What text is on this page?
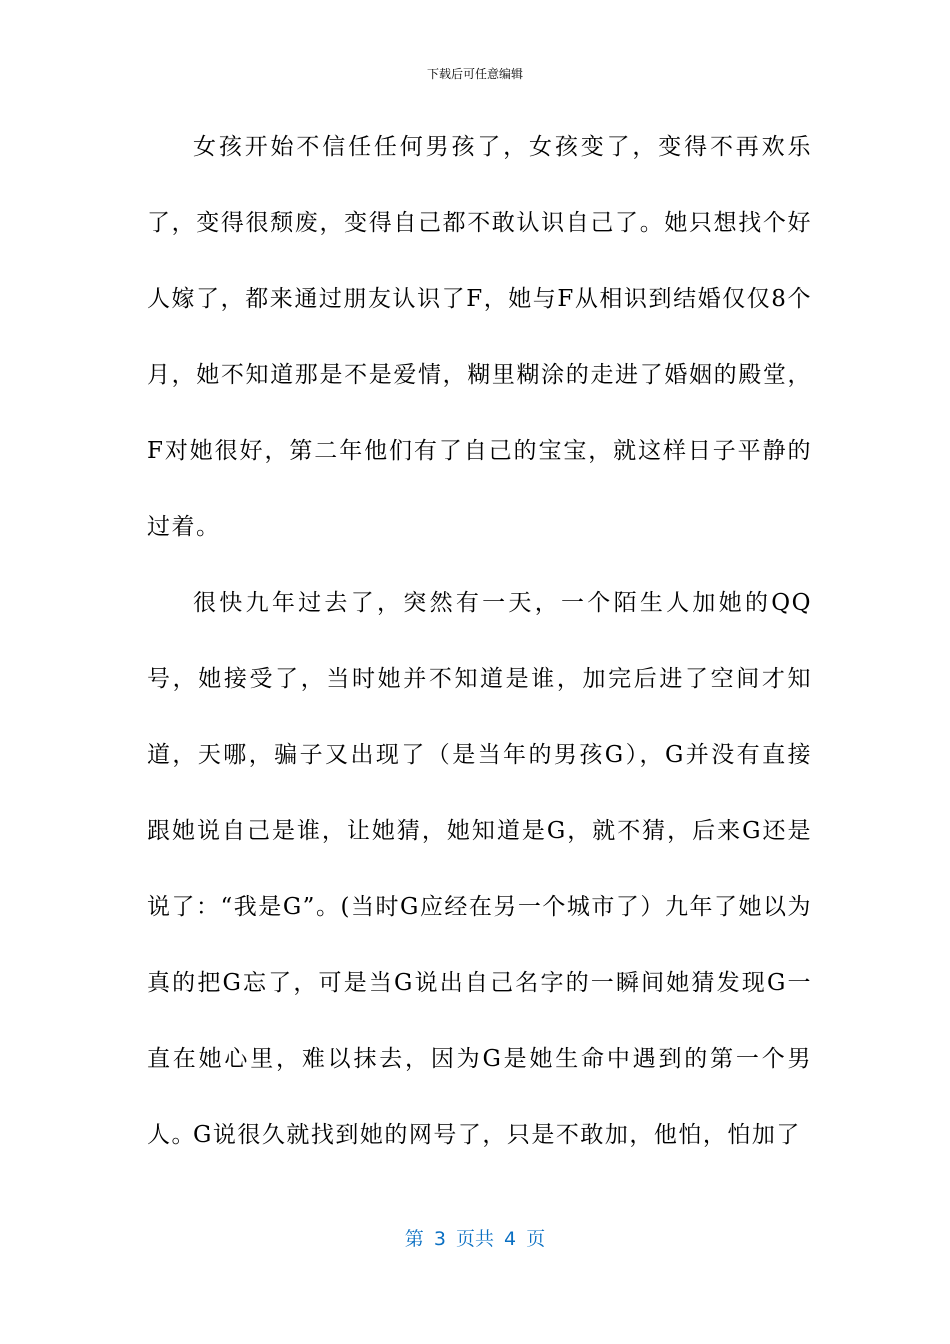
下载后可任意编辑

女孩开始不信任任何男孩了，女孩变了，变得不再欢乐了，变得很颓废，变得自己都不敢认识自己了。她只想找个好人嫁了，都来通过朋友认识了F，她与F从相识到结婚仅仅8个月，她不知道那是不是爱情，糊里糊涂的走进了婚姻的殿堂，F对她很好，第二年他们有了自己的宝宝，就这样日子平静的过着。

很快九年过去了，突然有一天，一个陌生人加她的QQ号，她接受了，当时她并不知道是谁，加完后进了空间才知道，天哪，骗子又出现了（是当年的男孩G），G并没有直接跟她说自己是谁，让她猜，她知道是G，就不猜，后来G还是说了：“我是G”。(当时G应经在另一个城市了）九年了她以为真的把G忘了，可是当G说出自己名字的一瞬间她猜发现G一直在她心里，难以抹去，因为G是她生命中遇到的第一个男人。

G说很久就找到她的网号了，只是不敢加，他怕，怕加了

第 3 页共 4 页
